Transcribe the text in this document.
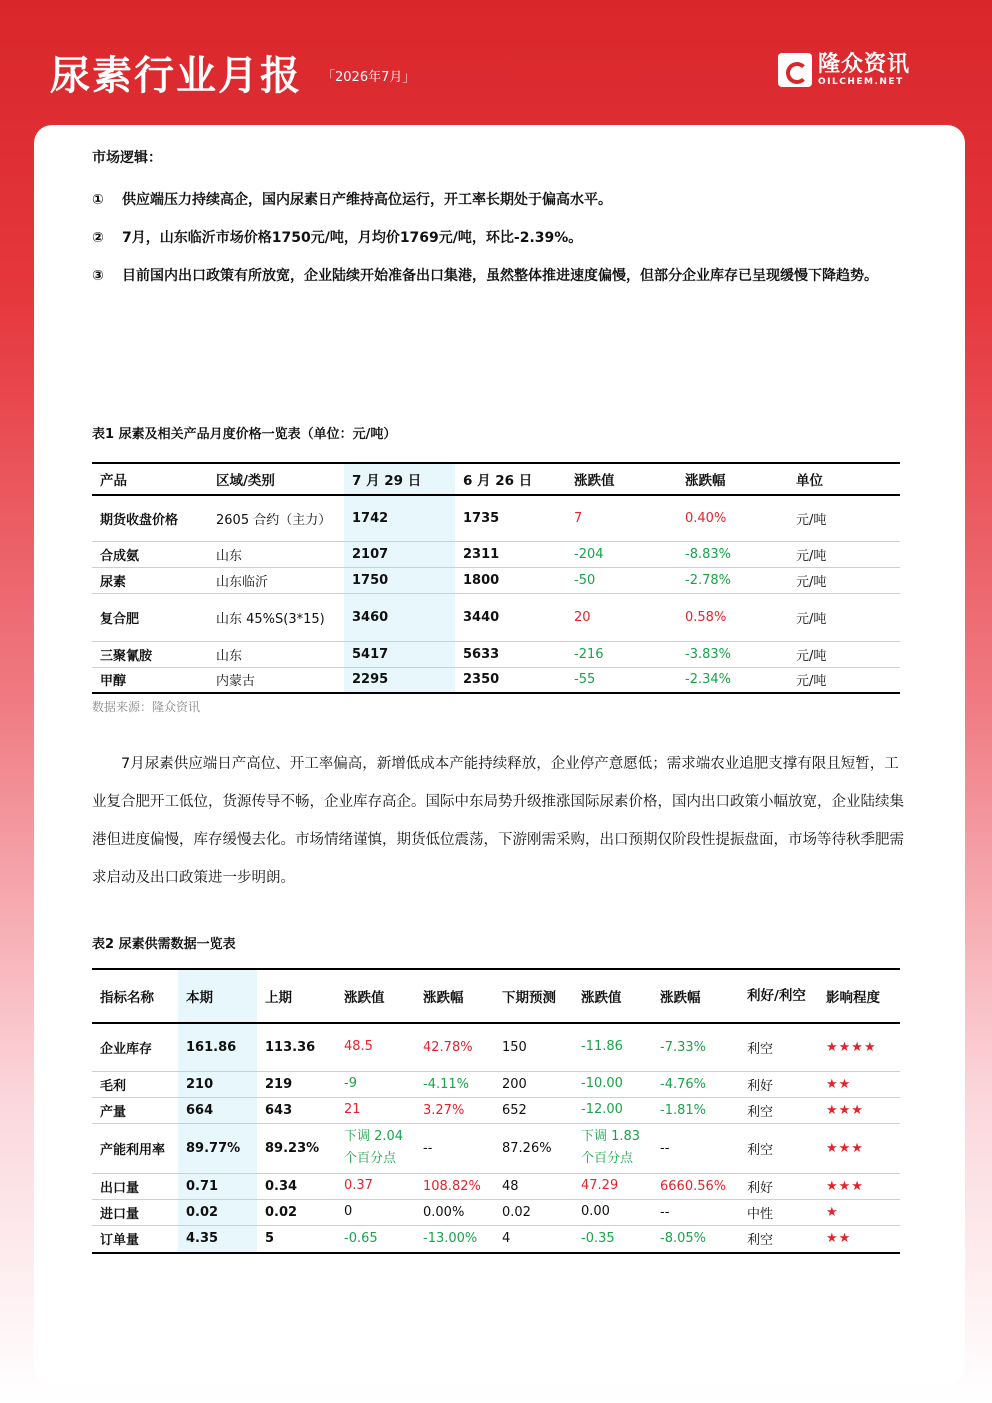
尿素行业月报 「2026年7月」
隆众资讯
OILCHEM.NET
市场逻辑：
①	供应端压力持续高企，国内尿素日产维持高位运行，开工率长期处于偏高水平。
②	7月，山东临沂市场价格1750元/吨，月均价1769元/吨，环比-2.39%。
③	目前国内出口政策有所放宽，企业陆续开始准备出口集港，虽然整体推进速度偏慢，但部分企业库存已呈现缓慢下降趋势。
表1 尿素及相关产品月度价格一览表（单位：元/吨）
产品	区域/类别	7 月 29 日	6 月 26 日	涨跌值	涨跌幅	单位
期货收盘价格	2605 合约（主力）	1742	1735	7	0.40%	元/吨
合成氨	山东	2107	2311	-204	-8.83%	元/吨
尿素	山东临沂	1750	1800	-50	-2.78%	元/吨
复合肥	山东 45%S(3*15)	3460	3440	20	0.58%	元/吨
三聚氰胺	山东	5417	5633	-216	-3.83%	元/吨
甲醇	内蒙古	2295	2350	-55	-2.34%	元/吨
数据来源：隆众资讯
7月尿素供应端日产高位、开工率偏高，新增低成本产能持续释放，企业停产意愿低；需求端农业追肥支撑有限且短暂，工业复合肥开工低位，货源传导不畅，企业库存高企。国际中东局势升级推涨国际尿素价格，国内出口政策小幅放宽，企业陆续集港但进度偏慢，库存缓慢去化。市场情绪谨慎，期货低位震荡，下游刚需采购，出口预期仅阶段性提振盘面，市场等待秋季肥需求启动及出口政策进一步明朗。
表2 尿素供需数据一览表
指标名称	本期	上期	涨跌值	涨跌幅	下期预测	涨跌值	涨跌幅	利好/利空	影响程度
企业库存	161.86	113.36	48.5	42.78%	150	-11.86	-7.33%	利空	★★★★
毛利	210	219	-9	-4.11%	200	-10.00	-4.76%	利好	★★
产量	664	643	21	3.27%	652	-12.00	-1.81%	利空	★★★
产能利用率	89.77%	89.23%	下调 2.04 个百分点	--	87.26%	下调 1.83 个百分点	--	利空	★★★
出口量	0.71	0.34	0.37	108.82%	48	47.29	6660.56%	利好	★★★
进口量	0.02	0.02	0	0.00%	0.02	0.00	--	中性	★
订单量	4.35	5	-0.65	-13.00%	4	-0.35	-8.05%	利空	★★
